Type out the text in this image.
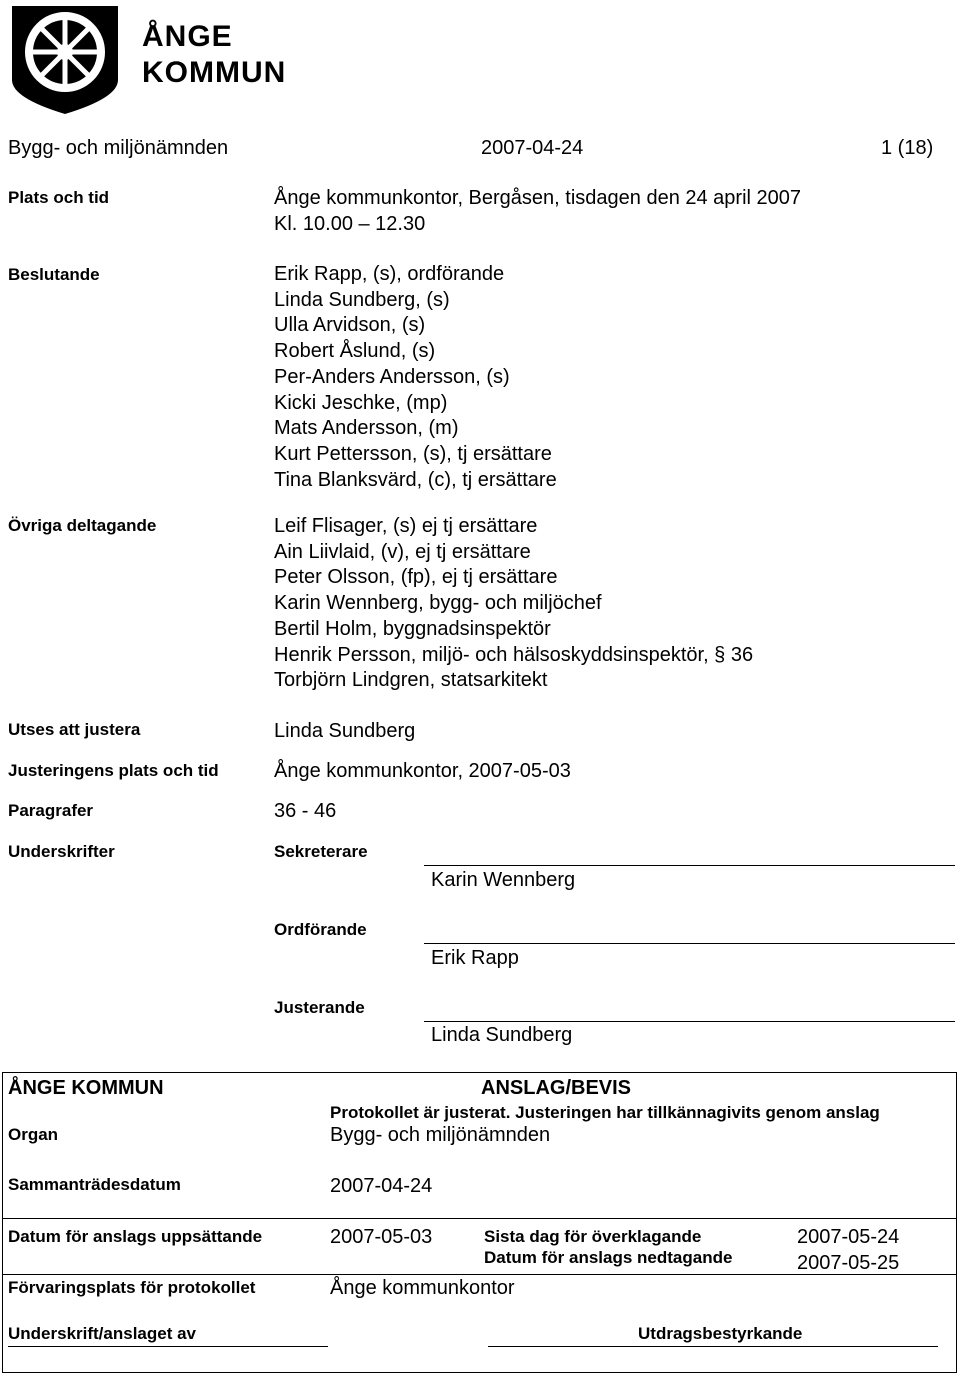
ÅNGE
KOMMUN
Bygg- och miljönämnden	2007-04-24	1 (18)
Plats och tid	Ånge kommunkontor, Bergåsen, tisdagen den 24 april 2007
Kl. 10.00 – 12.30
Beslutande	Erik Rapp, (s), ordförande
Linda Sundberg, (s)
Ulla Arvidson, (s)
Robert Åslund, (s)
Per-Anders Andersson, (s)
Kicki Jeschke, (mp)
Mats Andersson, (m)
Kurt Pettersson, (s), tj ersättare
Tina Blanksvärd, (c), tj ersättare
Övriga deltagande	Leif Flisager, (s) ej tj ersättare
Ain Liivlaid, (v), ej tj ersättare
Peter Olsson, (fp), ej tj ersättare
Karin Wennberg, bygg- och miljöchef
Bertil Holm, byggnadsinspektör
Henrik Persson, miljö- och hälsoskyddsinspektör, § 36
Torbjörn Lindgren, statsarkitekt
Utses att justera	Linda Sundberg
Justeringens plats och tid	Ånge kommunkontor, 2007-05-03
Paragrafer	36 - 46
Underskrifter	Sekreterare
Karin Wennberg
Ordförande
Erik Rapp
Justerande
Linda Sundberg
ÅNGE KOMMUN	ANSLAG/BEVIS
Protokollet är justerat. Justeringen har tillkännagivits genom anslag
Organ	Bygg- och miljönämnden
Sammanträdesdatum	2007-04-24
Datum för anslags uppsättande	2007-05-03	Sista dag för överklagande	2007-05-24
Datum för anslags nedtagande	2007-05-25
Förvaringsplats för protokollet	Ånge kommunkontor
Underskrift/anslaget av	Utdragsbestyrkande
